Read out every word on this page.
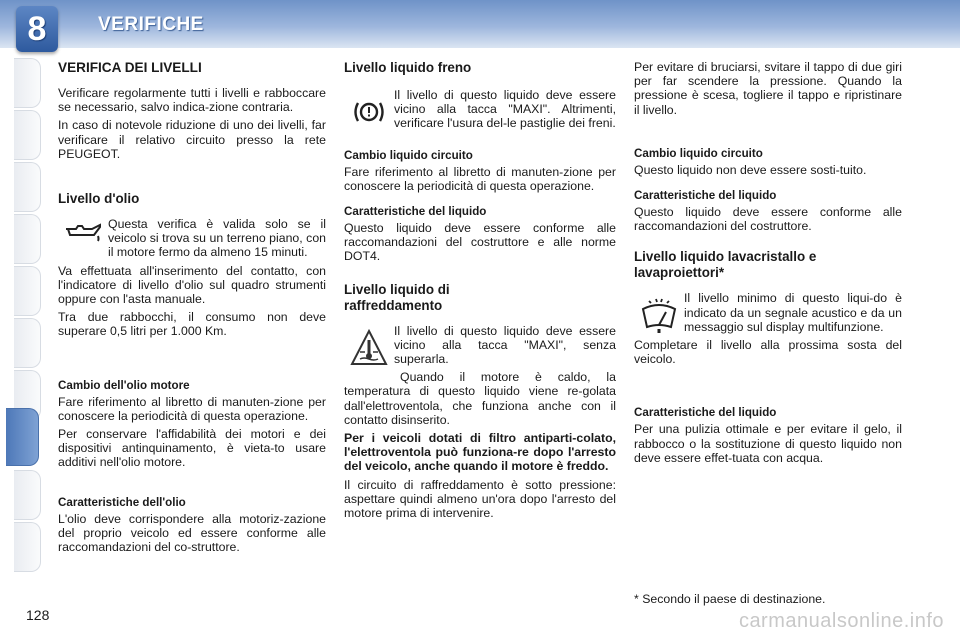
8	VERIFICHE
VERIFICA DEI LIVELLI

Verificare regolarmente tutti i livelli e rabboccare se necessario, salvo indica-zione contraria.

In caso di notevole riduzione di uno dei livelli, far verificare il relativo circuito presso la rete PEUGEOT.

Livello d'olio

Questa verifica è valida solo se il veicolo si trova su un terreno piano, con il motore fermo da almeno 15 minuti.

Va effettuata all'inserimento del contatto, con l'indicatore di livello d'olio sul quadro strumenti oppure con l'asta manuale.

Tra due rabbocchi, il consumo non deve superare 0,5 litri per 1.000 Km.

Cambio dell'olio motore

Fare riferimento al libretto di manuten-zione per conoscere la periodicità di questa operazione.

Per conservare l'affidabilità dei motori e dei dispositivi antinquinamento, è vieta-to usare additivi nell'olio motore.

Caratteristiche dell'olio

L'olio deve corrispondere alla motoriz-zazione del proprio veicolo ed essere conforme alle raccomandazioni del co-struttore.

Livello liquido freno

Il livello di questo liquido deve essere vicino alla tacca "MAXI". Altrimenti, verificare l'usura del-le pastiglie dei freni.

Cambio liquido circuito

Fare riferimento al libretto di manuten-zione per conoscere la periodicità di questa operazione.

Caratteristiche del liquido

Questo liquido deve essere conforme alle raccomandazioni del costruttore e alle norme DOT4.

Livello liquido di raffreddamento

Il livello di questo liquido deve essere vicino alla tacca "MAXI", senza superarla.

Quando il motore è caldo, la temperatura di questo liquido viene re-golata dall'elettroventola, che funziona anche con il contatto disinserito.

Per i veicoli dotati di filtro antiparti-colato, l'elettroventola può funziona-re dopo l'arresto del veicolo, anche quando il motore è freddo.

Il circuito di raffreddamento è sotto pressione: aspettare quindi almeno un'ora dopo l'arresto del motore prima di intervenire.

Per evitare di bruciarsi, svitare il tappo di due giri per far scendere la pressione. Quando la pressione è scesa, togliere il tappo e ripristinare il livello.

Cambio liquido circuito

Questo liquido non deve essere sosti-tuito.

Caratteristiche del liquido

Questo liquido deve essere conforme alle raccomandazioni del costruttore.

Livello liquido lavacristallo e lavaproiettori*

Il livello minimo di questo liqui-do è indicato da un segnale acustico e da un messaggio sul display multifunzione.

Completare il livello alla prossima sosta del veicolo.

Caratteristiche del liquido

Per una pulizia ottimale e per evitare il gelo, il rabbocco o la sostituzione di questo liquido non deve essere effet-tuata con acqua.

* Secondo il paese di destinazione.
128	carmanualsonline.info
